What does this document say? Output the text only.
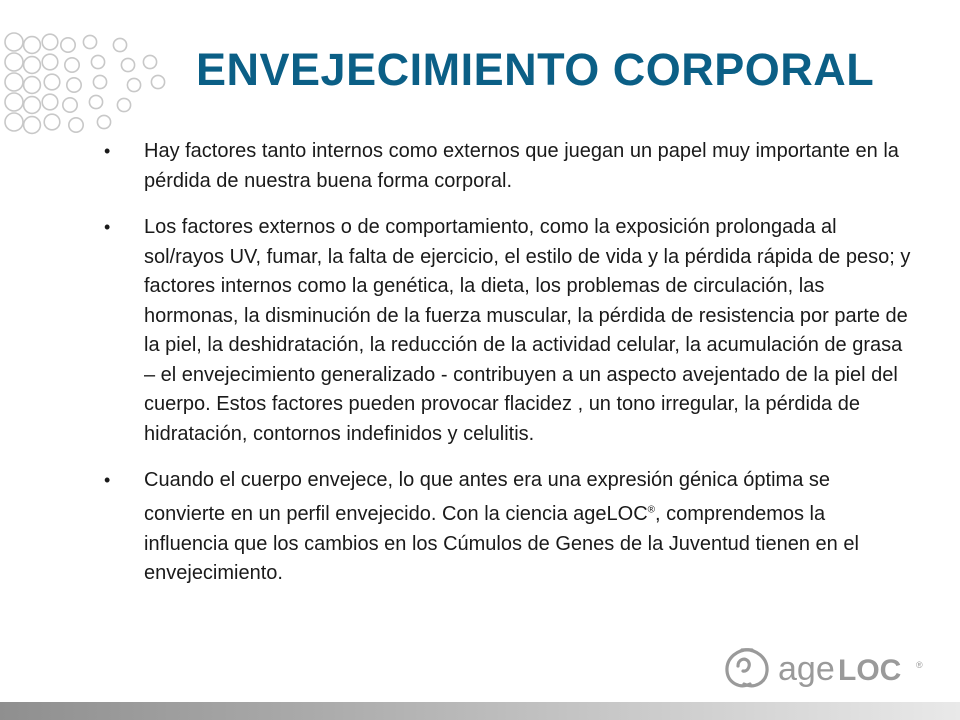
ENVEJECIMIENTO CORPORAL
• Hay factores tanto internos como externos que juegan un papel muy importante en la pérdida de nuestra buena forma corporal.
• Los factores externos o de comportamiento, como la exposición prolongada al sol/rayos UV, fumar, la falta de ejercicio, el estilo de vida y la pérdida rápida de peso; y factores internos como la genética, la dieta, los problemas de circulación, las hormonas, la disminución de la fuerza muscular, la pérdida de resistencia por parte de la piel, la deshidratación, la reducción de la actividad celular, la acumulación de grasa – el envejecimiento generalizado - contribuyen a un aspecto avejentado de la piel del cuerpo. Estos factores pueden provocar flacidez , un tono irregular, la pérdida de hidratación, contornos indefinidos y celulitis.
• Cuando el cuerpo envejece, lo que antes era una expresión génica óptima se convierte en un perfil envejecido. Con la ciencia ageLOC®, comprendemos la influencia que los cambios en los Cúmulos de Genes de la Juventud tienen en el envejecimiento.
age LOC ®
